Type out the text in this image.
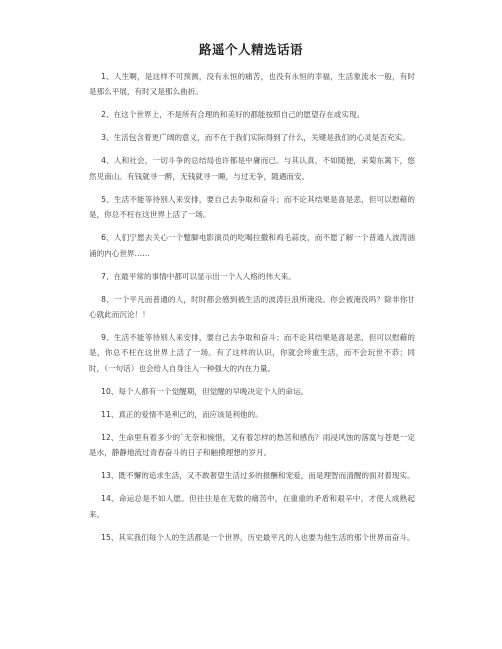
路遥个人精选话语

1、人生啊，是这样不可预测，没有永恒的痛苦，也没有永恒的幸福，生活象流水一般，有时是那么平展，有时又是那么曲折。

2、在这个世界上，不是所有合理的和美好的都能按照自己的愿望存在或实现。

3、生活包含着更广阔的意义，而不在于我们实际得到了什么，关键是我们的心灵是否充实。

4、人和社会，一切斗争的总结局也许都是中庸而已。与其认真，不如随便，采菊东篱下，悠然见南山。有钱就寻一醉，无钱就寻一睡，与过无争，随遇而安。

5、生活不能等待别人来安排，要自己去争取和奋斗；而不论其结果是喜是悲，但可以慰藉的是，你总不枉在这世界上活了一场。

6、人们宁愿去关心一个蹩脚电影演员的吃喝拉撒和鸡毛蒜皮，而不愿了解一个普通人波涛汹涌的内心世界……

7、在最平常的事情中都可以显示出一个人人格的伟大来。

8、一个平凡而普通的人，时时都会感到被生活的波涛巨浪所淹没。你会被淹没吗？除非你甘心就此而沉沦！！

9、生活不能等待别人来安排，要自己去争取和奋斗；而不论其结果是喜是悲，但可以慰藉的是，你总不枉在这世界上活了一场。有了这样的认识，你就会珍重生活，而不会玩世不恭；同时，（一句话）也会给人自身注入一种强大的内在力量。

10、每个人都有一个觉醒期，但觉醒的早晚决定个人的命运。

11、真正的爱情不是利己的，而应该是利他的。

12、生命里有着多少的`无奈和惋惜，又有着怎样的愁苦和感伤？雨浸风蚀的落寞与苍楚一定是水，静静地流过青春奋斗的日子和触摸理想的岁月。

13、既不懈的追求生活，又不敢奢望生活过多的报酬和宠爱，而是理智而清醒的面对着现实。

14、命运总是不如人愿。但往往是在无数的痛苦中，在重重的矛盾和艰辛中，才使人成熟起来。

15、其实我们每个人的生活都是一个世界，历史最平凡的人也要为他生活的那个世界而奋斗。
